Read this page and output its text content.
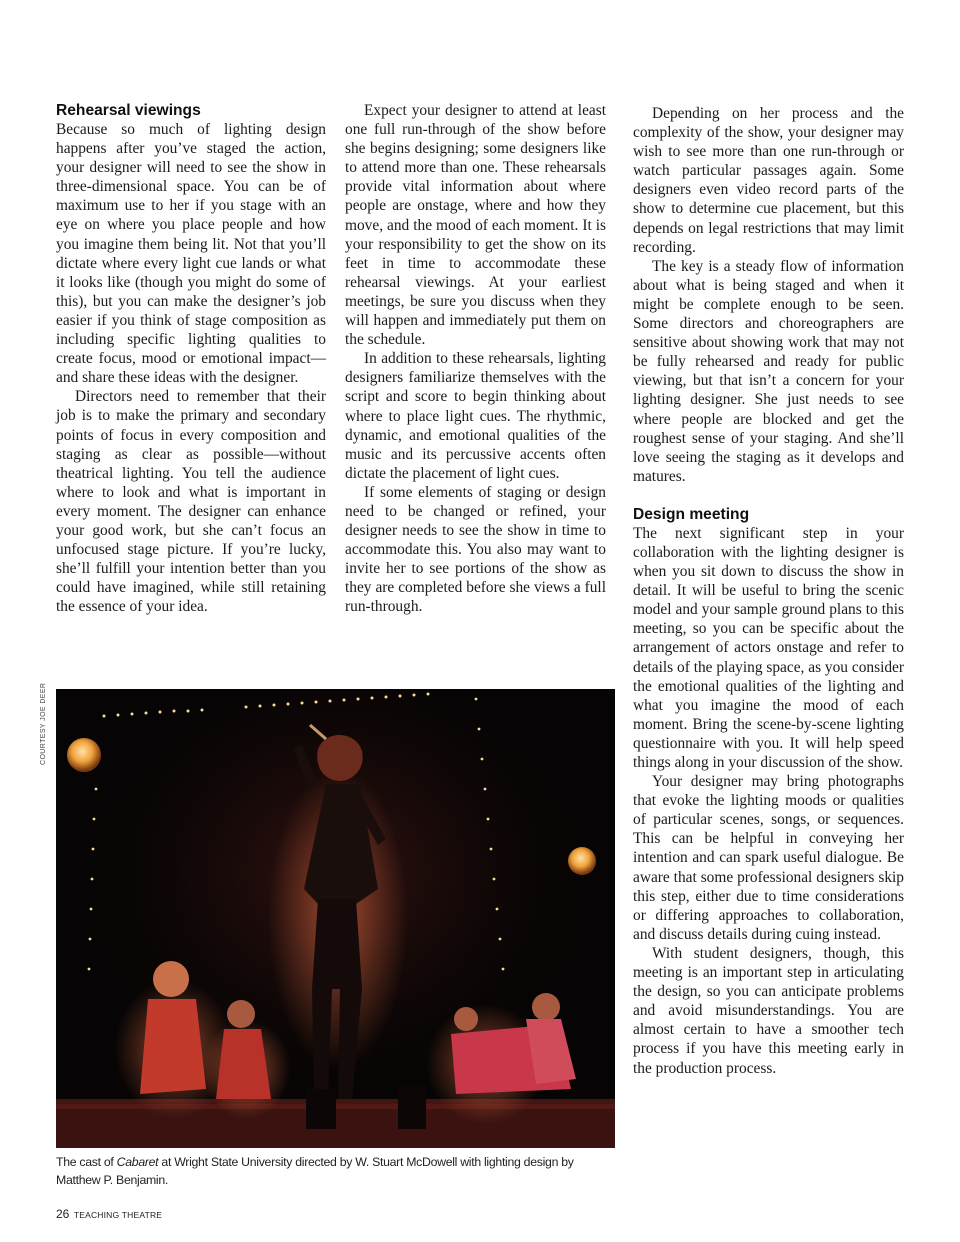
Rehearsal viewings

Because so much of lighting design happens after you’ve staged the action, your designer will need to see the show in three-dimensional space. You can be of maximum use to her if you stage with an eye on where you place people and how you imagine them being lit. Not that you’ll dictate where every light cue lands or what it looks like (though you might do some of this), but you can make the designer’s job easier if you think of stage composition as including specific lighting qualities to create focus, mood or emotional impact—and share these ideas with the designer.

Directors need to remember that their job is to make the primary and secondary points of focus in every composition and staging as clear as possible—without theatrical lighting. You tell the audience where to look and what is important in every moment. The designer can enhance your good work, but she can’t focus an unfocused stage picture. If you’re lucky, she’ll fulfill your intention better than you could have imagined, while still retaining the essence of your idea.

Expect your designer to attend at least one full run-through of the show before she begins designing; some designers like to attend more than one. These rehearsals provide vital information about where people are onstage, where and how they move, and the mood of each moment. It is your responsibility to get the show on its feet in time to accommodate these rehearsal viewings. At your earliest meetings, be sure you discuss when they will happen and immediately put them on the schedule.

In addition to these rehearsals, lighting designers familiarize themselves with the script and score to begin thinking about where to place light cues. The rhythmic, dynamic, and emotional qualities of the music and its percussive accents often dictate the placement of light cues.

If some elements of staging or design need to be changed or refined, your designer needs to see the show in time to accommodate this. You also may want to invite her to see portions of the show as they are completed before she views a full run-through.

Depending on her process and the complexity of the show, your designer may wish to see more than one run-through or watch particular passages again. Some designers even video record parts of the show to determine cue placement, but this depends on legal restrictions that may limit recording.

The key is a steady flow of information about what is being staged and when it might be complete enough to be seen. Some directors and choreographers are sensitive about showing work that may not be fully rehearsed and ready for public viewing, but that isn’t a concern for your lighting designer. She just needs to see where people are blocked and get the roughest sense of your staging. And she’ll love seeing the staging as it develops and matures.

Design meeting

The next significant step in your collaboration with the lighting designer is when you sit down to discuss the show in detail. It will be useful to bring the scenic model and your sample ground plans to this meeting, so you can be specific about the arrangement of actors onstage and refer to details of the playing space, as you consider the emotional qualities of the lighting and what you imagine the mood of each moment. Bring the scene-by-scene lighting questionnaire with you. It will help speed things along in your discussion of the show.

Your designer may bring photographs that evoke the lighting moods or qualities of particular scenes, songs, or sequences. This can be helpful in conveying her intention and can spark useful dialogue. Be aware that some professional designers skip this step, either due to time considerations or differing approaches to collaboration, and discuss details during cuing instead.

With student designers, though, this meeting is an important step in articulating the design, so you can anticipate problems and avoid misunderstandings. You are almost certain to have a smoother tech process if you have this meeting early in the production process.

COURTESY JOE DEER
The cast of Cabaret at Wright State University directed by W. Stuart McDowell with lighting design by Matthew P. Benjamin.
26 TEACHING THEATRE
